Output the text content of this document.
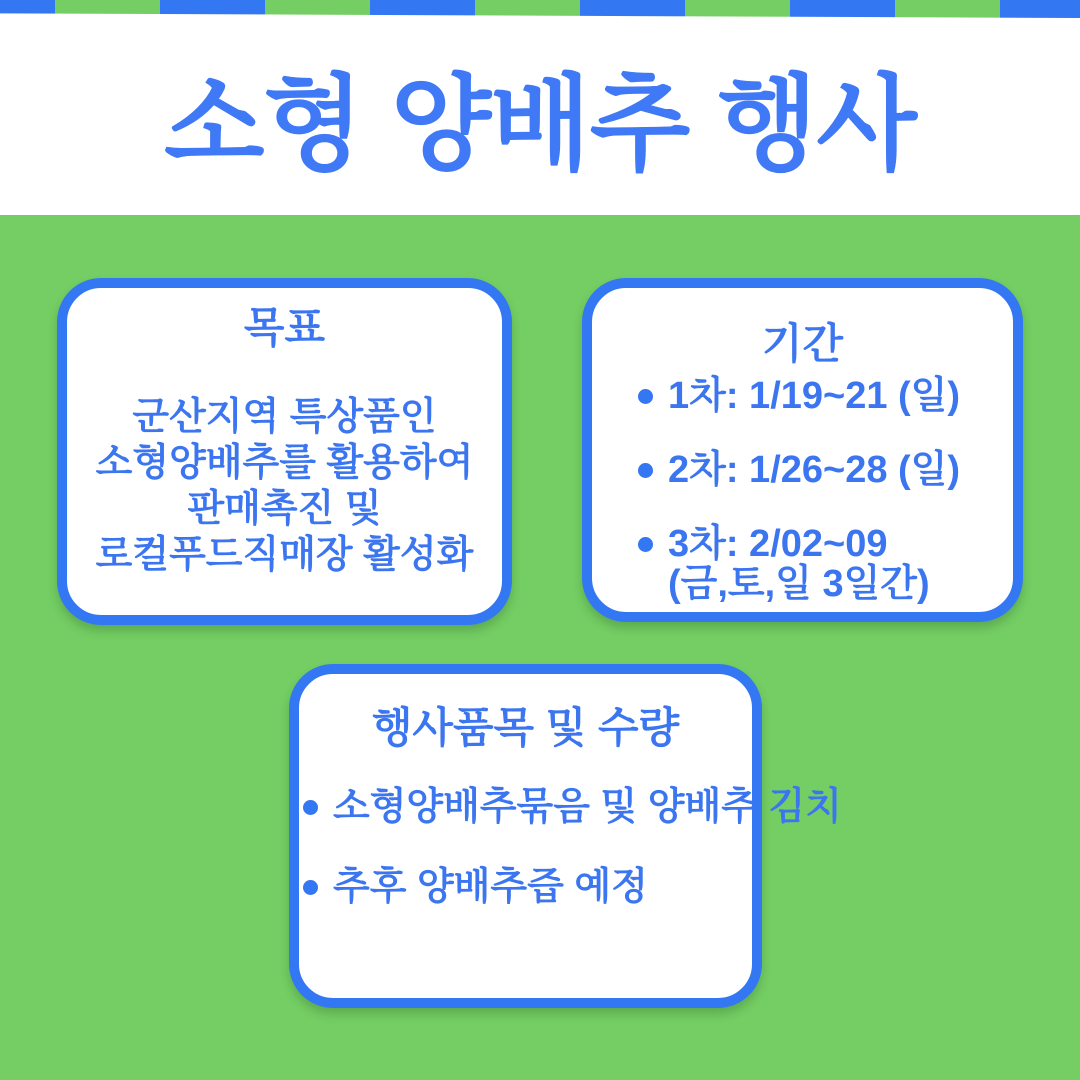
소형 양배추 행사
목표
군산지역 특상품인
소형양배추를 활용하여
판매촉진 및
로컬푸드직매장 활성화
기간
1차: 1/19~21 (일)
2차: 1/26~28 (일)
3차: 2/02~09
(금,토,일 3일간)
행사품목 및 수량
소형양배추묶음 및 양배추 김치
추후 양배추즙 예정
